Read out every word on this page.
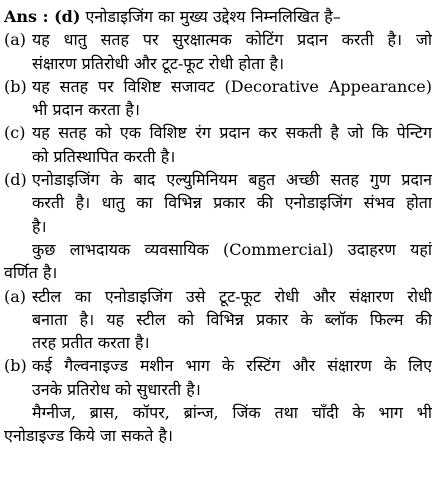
Ans : (d) एनोडाइजिंग का मुख्य उद्देश्य निम्नलिखित है–
(a) यह धातु सतह पर सुरक्षात्मक कोटिंग प्रदान करती है। जो
संक्षारण प्रतिरोधी और टूट-फूट रोधी होता है।
(b) यह सतह पर विशिष्ट सजावट (Decorative Appearance)
भी प्रदान करता है।
(c) यह सतह को एक विशिष्ट रंग प्रदान कर सकती है जो कि पेन्टिग
को प्रतिस्थापित करती है।
(d) एनोडाइजिंग के बाद एल्युमिनियम बहुत अच्छी सतह गुण प्रदान
करती है। धातु का विभिन्न प्रकार की एनोडाइजिंग संभव होता
है।
कुछ लाभदायक व्यवसायिक (Commercial) उदाहरण यहां
वर्णित है।
(a) स्टील का एनोडाइजिंग उसे टूट-फूट रोधी और संक्षारण रोधी
बनाता है। यह स्टील को विभिन्न प्रकार के ब्लॉक फिल्म की
तरह प्रतीत करता है।
(b) कई गैल्वनाइज्ड मशीन भाग के रस्टिंग और संक्षारण के लिए
उनके प्रतिरोध को सुधारती है।
मैग्नीज, ब्रास, कॉपर, ब्रांन्ज, जिंक तथा चाँदी के भाग भी
एनोडाइज्ड किये जा सकते है।
